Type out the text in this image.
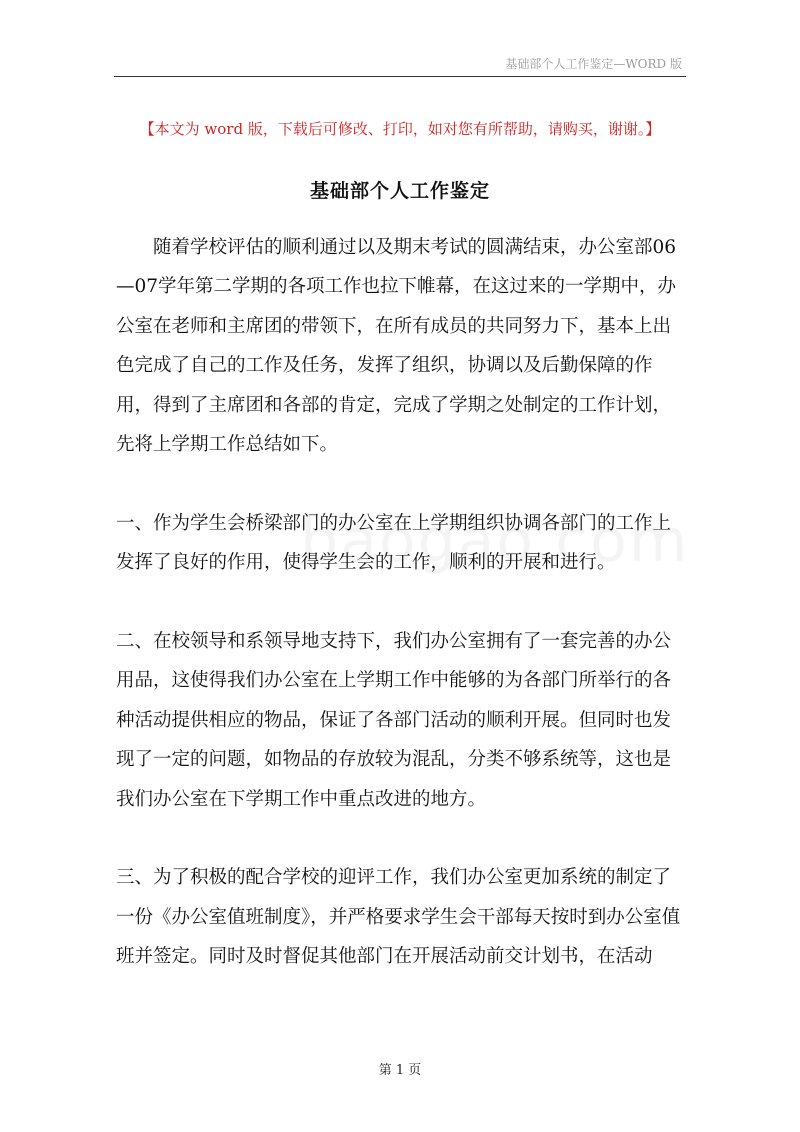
基础部个人工作鉴定—WORD 版
【本文为 word 版，下载后可修改、打印，如对您有所帮助，请购买，谢谢。】
基础部个人工作鉴定

随着学校评估的顺利通过以及期末考试的圆满结束，办公室部06—07学年第二学期的各项工作也拉下帷幕，在这过来的一学期中，办公室在老师和主席团的带领下，在所有成员的共同努力下，基本上出色完成了自己的工作及任务，发挥了组织，协调以及后勤保障的作用，得到了主席团和各部的肯定，完成了学期之处制定的工作计划，先将上学期工作总结如下。

一、作为学生会桥梁部门的办公室在上学期组织协调各部门的工作上发挥了良好的作用，使得学生会的工作，顺利的开展和进行。

二、在校领导和系领导地支持下，我们办公室拥有了一套完善的办公用品，这使得我们办公室在上学期工作中能够的为各部门所举行的各种活动提供相应的物品，保证了各部门活动的顺利开展。但同时也发现了一定的问题，如物品的存放较为混乱，分类不够系统等，这也是我们办公室在下学期工作中重点改进的地方。

三、为了积极的配合学校的迎评工作，我们办公室更加系统的制定了一份《办公室值班制度》，并严格要求学生会干部每天按时到办公室值班并签定。同时及时督促其他部门在开展活动前交计划书，在活动

第 1 页
